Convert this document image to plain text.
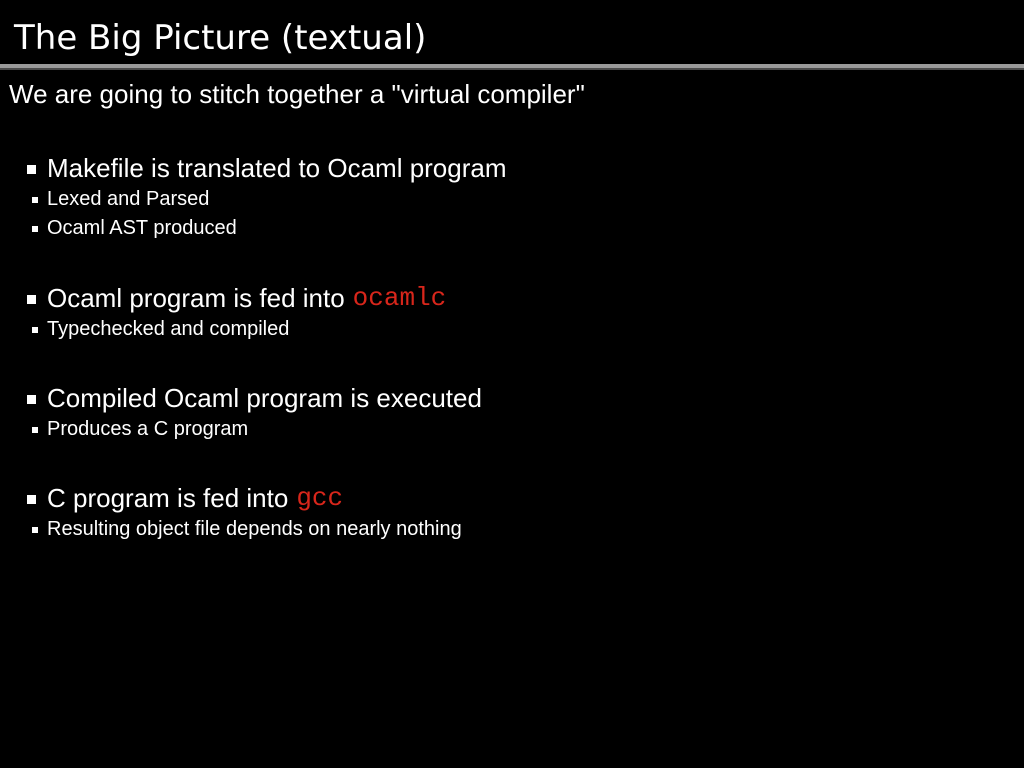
The Big Picture (textual)
We are going to stitch together a "virtual compiler"
Makefile is translated to Ocaml program
Lexed and Parsed
Ocaml AST produced
Ocaml program is fed into ocamlc
Typechecked and compiled
Compiled Ocaml program is executed
Produces a C program
C program is fed into gcc
Resulting object file depends on nearly nothing
